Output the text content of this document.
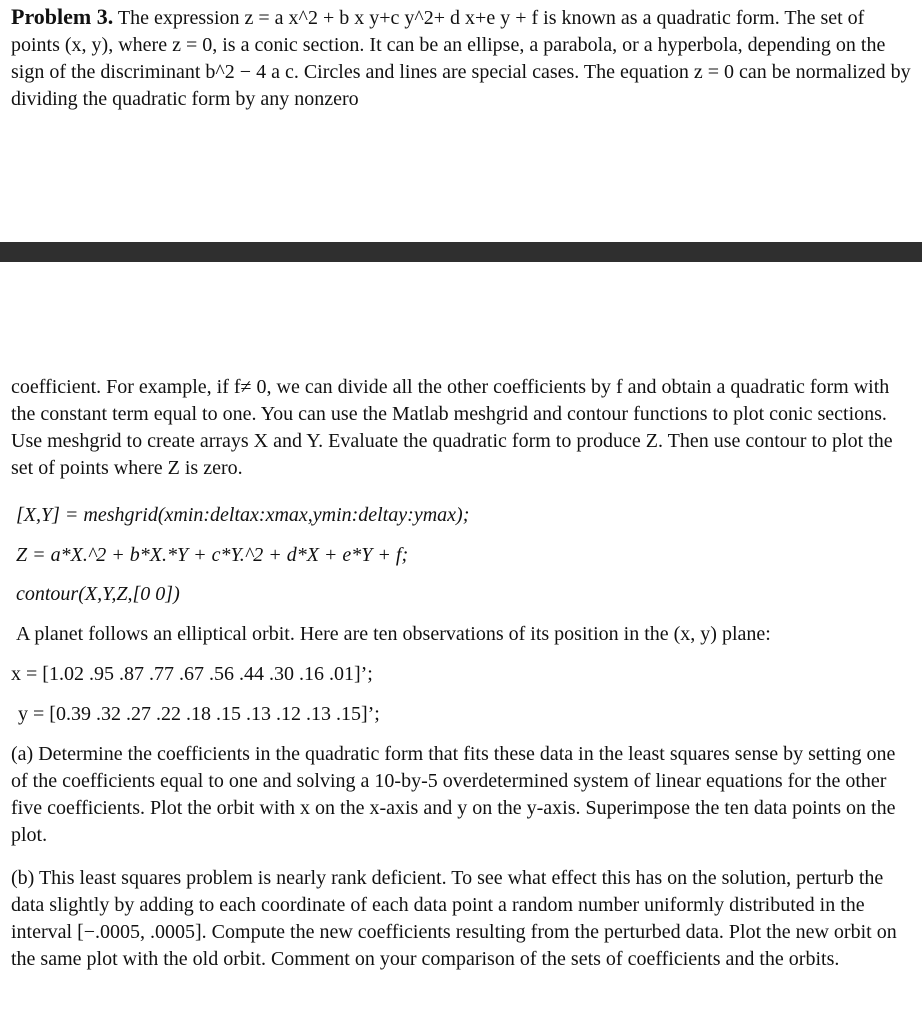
Problem 3. The expression z = a x^2 + b x y+c y^2+ d x+e y + f is known as a quadratic form. The set of points (x, y), where z = 0, is a conic section. It can be an ellipse, a parabola, or a hyperbola, depending on the sign of the discriminant b^2 − 4 a c. Circles and lines are special cases. The equation z = 0 can be normalized by dividing the quadratic form by any nonzero

coefficient. For example, if f≠ 0, we can divide all the other coefficients by f and obtain a quadratic form with the constant term equal to one. You can use the Matlab meshgrid and contour functions to plot conic sections. Use meshgrid to create arrays X and Y. Evaluate the quadratic form to produce Z. Then use contour to plot the set of points where Z is zero.

[X,Y] = meshgrid(xmin:deltax:xmax,ymin:deltay:ymax);

Z = a*X.^2 + b*X.*Y + c*Y.^2 + d*X + e*Y + f;

contour(X,Y,Z,[0 0])

A planet follows an elliptical orbit. Here are ten observations of its position in the (x, y) plane:

x = [1.02 .95 .87 .77 .67 .56 .44 .30 .16 .01]’;

y = [0.39 .32 .27 .22 .18 .15 .13 .12 .13 .15]’;

(a) Determine the coefficients in the quadratic form that fits these data in the least squares sense by setting one of the coefficients equal to one and solving a 10-by-5 overdetermined system of linear equations for the other five coefficients. Plot the orbit with x on the x-axis and y on the y-axis. Superimpose the ten data points on the plot.

(b) This least squares problem is nearly rank deficient. To see what effect this has on the solution, perturb the data slightly by adding to each coordinate of each data point a random number uniformly distributed in the interval [−.0005, .0005]. Compute the new coefficients resulting from the perturbed data. Plot the new orbit on the same plot with the old orbit. Comment on your comparison of the sets of coefficients and the orbits.
